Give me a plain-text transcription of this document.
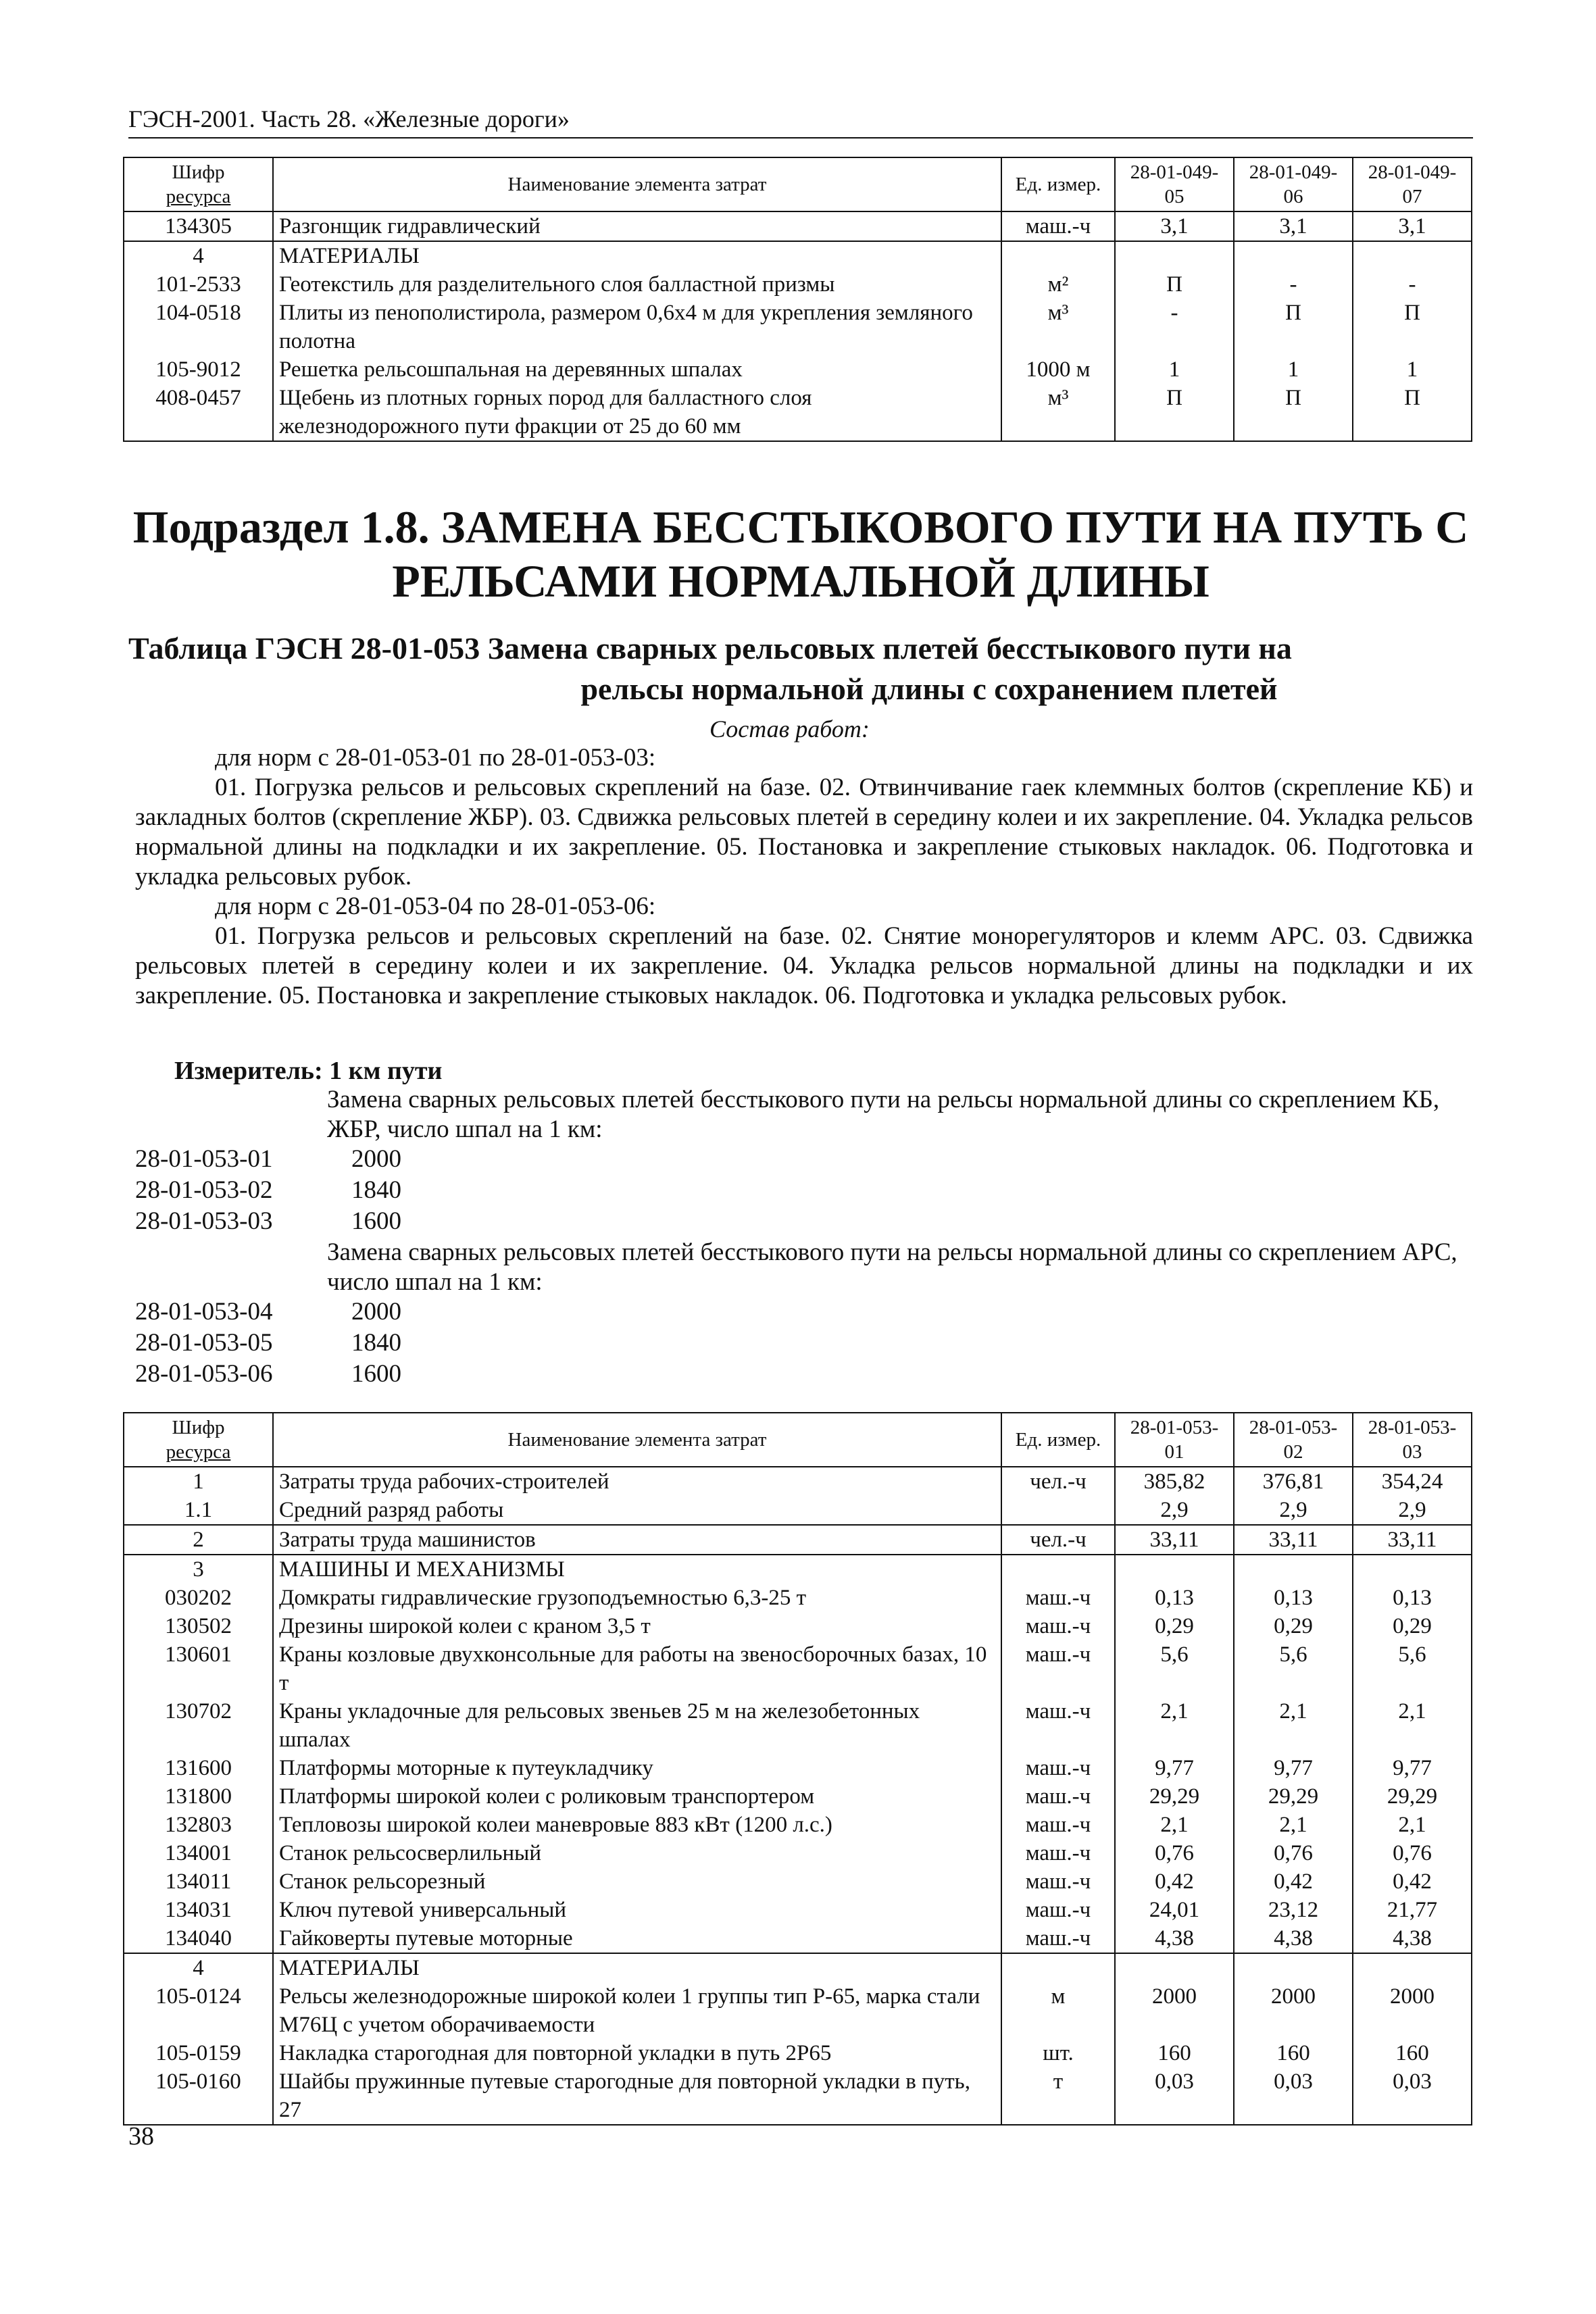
ГЭСН-2001. Часть 28. «Железные дороги»
Шифр
ресурса	Наименование элемента затрат	Ед. измер.	28-01-049-05	28-01-049-06	28-01-049-07
134305	Разгонщик гидравлический	маш.-ч	3,1	3,1	3,1
4	МАТЕРИАЛЫ				
101-2533	Геотекстиль для разделительного слоя балластной призмы	м²	П	-	-
104-0518	Плиты из пенополистирола, размером 0,6х4 м для укрепления земляного полотна	м³	-	П	П
105-9012	Решетка рельсошпальная на деревянных шпалах	1000 м	1	1	1
408-0457	Щебень из плотных горных пород для балластного слоя железнодорожного пути фракции от 25 до 60 мм	м³	П	П	П
Подраздел 1.8. ЗАМЕНА БЕССТЫКОВОГО ПУТИ НА ПУТЬ С
РЕЛЬСАМИ НОРМАЛЬНОЙ ДЛИНЫ
Таблица ГЭСН 28-01-053 Замена сварных рельсовых плетей бесстыкового пути на
рельсы нормальной длины с сохранением плетей
Состав работ:

для норм с 28-01-053-01 по 28-01-053-03:

01. Погрузка рельсов и рельсовых скреплений на базе. 02. Отвинчивание гаек клеммных болтов (скрепление КБ) и закладных болтов (скрепление ЖБР). 03. Сдвижка рельсовых плетей в середину колеи и их закрепление. 04. Укладка рельсов нормальной длины на подкладки и их закрепление. 05. Постановка и закрепление стыковых накладок. 06. Подготовка и укладка рельсовых рубок.

для норм с 28-01-053-04 по 28-01-053-06:

01. Погрузка рельсов и рельсовых скреплений на базе. 02. Снятие монорегуляторов и клемм АРС. 03. Сдвижка рельсовых плетей в середину колеи и их закрепление. 04. Укладка рельсов нормальной длины на подкладки и их закрепление. 05. Постановка и закрепление стыковых накладок. 06. Подготовка и укладка рельсовых рубок.

Измеритель: 1 км пути
Замена сварных рельсовых плетей бесстыкового пути на рельсы нормальной длины со скреплением КБ, ЖБР, число шпал на 1 км:
28-01-053-01	2000
28-01-053-02	1840
28-01-053-03	1600
Замена сварных рельсовых плетей бесстыкового пути на рельсы нормальной длины со скреплением АРС, число шпал на 1 км:
28-01-053-04	2000
28-01-053-05	1840
28-01-053-06	1600
Шифр
ресурса	Наименование элемента затрат	Ед. измер.	28-01-053-01	28-01-053-02	28-01-053-03
1	Затраты труда рабочих-строителей	чел.-ч	385,82	376,81	354,24
1.1	Средний разряд работы		2,9	2,9	2,9
2	Затраты труда машинистов	чел.-ч	33,11	33,11	33,11
3	МАШИНЫ И МЕХАНИЗМЫ				
030202	Домкраты гидравлические грузоподъемностью 6,3-25 т	маш.-ч	0,13	0,13	0,13
130502	Дрезины широкой колеи с краном 3,5 т	маш.-ч	0,29	0,29	0,29
130601	Краны козловые двухконсольные для работы на звеносборочных базах, 10 т	маш.-ч	5,6	5,6	5,6
130702	Краны укладочные для рельсовых звеньев 25 м на железобетонных шпалах	маш.-ч	2,1	2,1	2,1
131600	Платформы моторные к путеукладчику	маш.-ч	9,77	9,77	9,77
131800	Платформы широкой колеи с роликовым транспортером	маш.-ч	29,29	29,29	29,29
132803	Тепловозы широкой колеи маневровые 883 кВт (1200 л.с.)	маш.-ч	2,1	2,1	2,1
134001	Станок рельсосверлильный	маш.-ч	0,76	0,76	0,76
134011	Станок рельсорезный	маш.-ч	0,42	0,42	0,42
134031	Ключ путевой универсальный	маш.-ч	24,01	23,12	21,77
134040	Гайковерты путевые моторные	маш.-ч	4,38	4,38	4,38
4	МАТЕРИАЛЫ				
105-0124	Рельсы железнодорожные широкой колеи 1 группы тип Р-65, марка стали М76Ц с учетом оборачиваемости	м	2000	2000	2000
105-0159	Накладка старогодная для повторной укладки в путь 2Р65	шт.	160	160	160
105-0160	Шайбы пружинные путевые старогодные для повторной укладки в путь, 27	т	0,03	0,03	0,03
38
